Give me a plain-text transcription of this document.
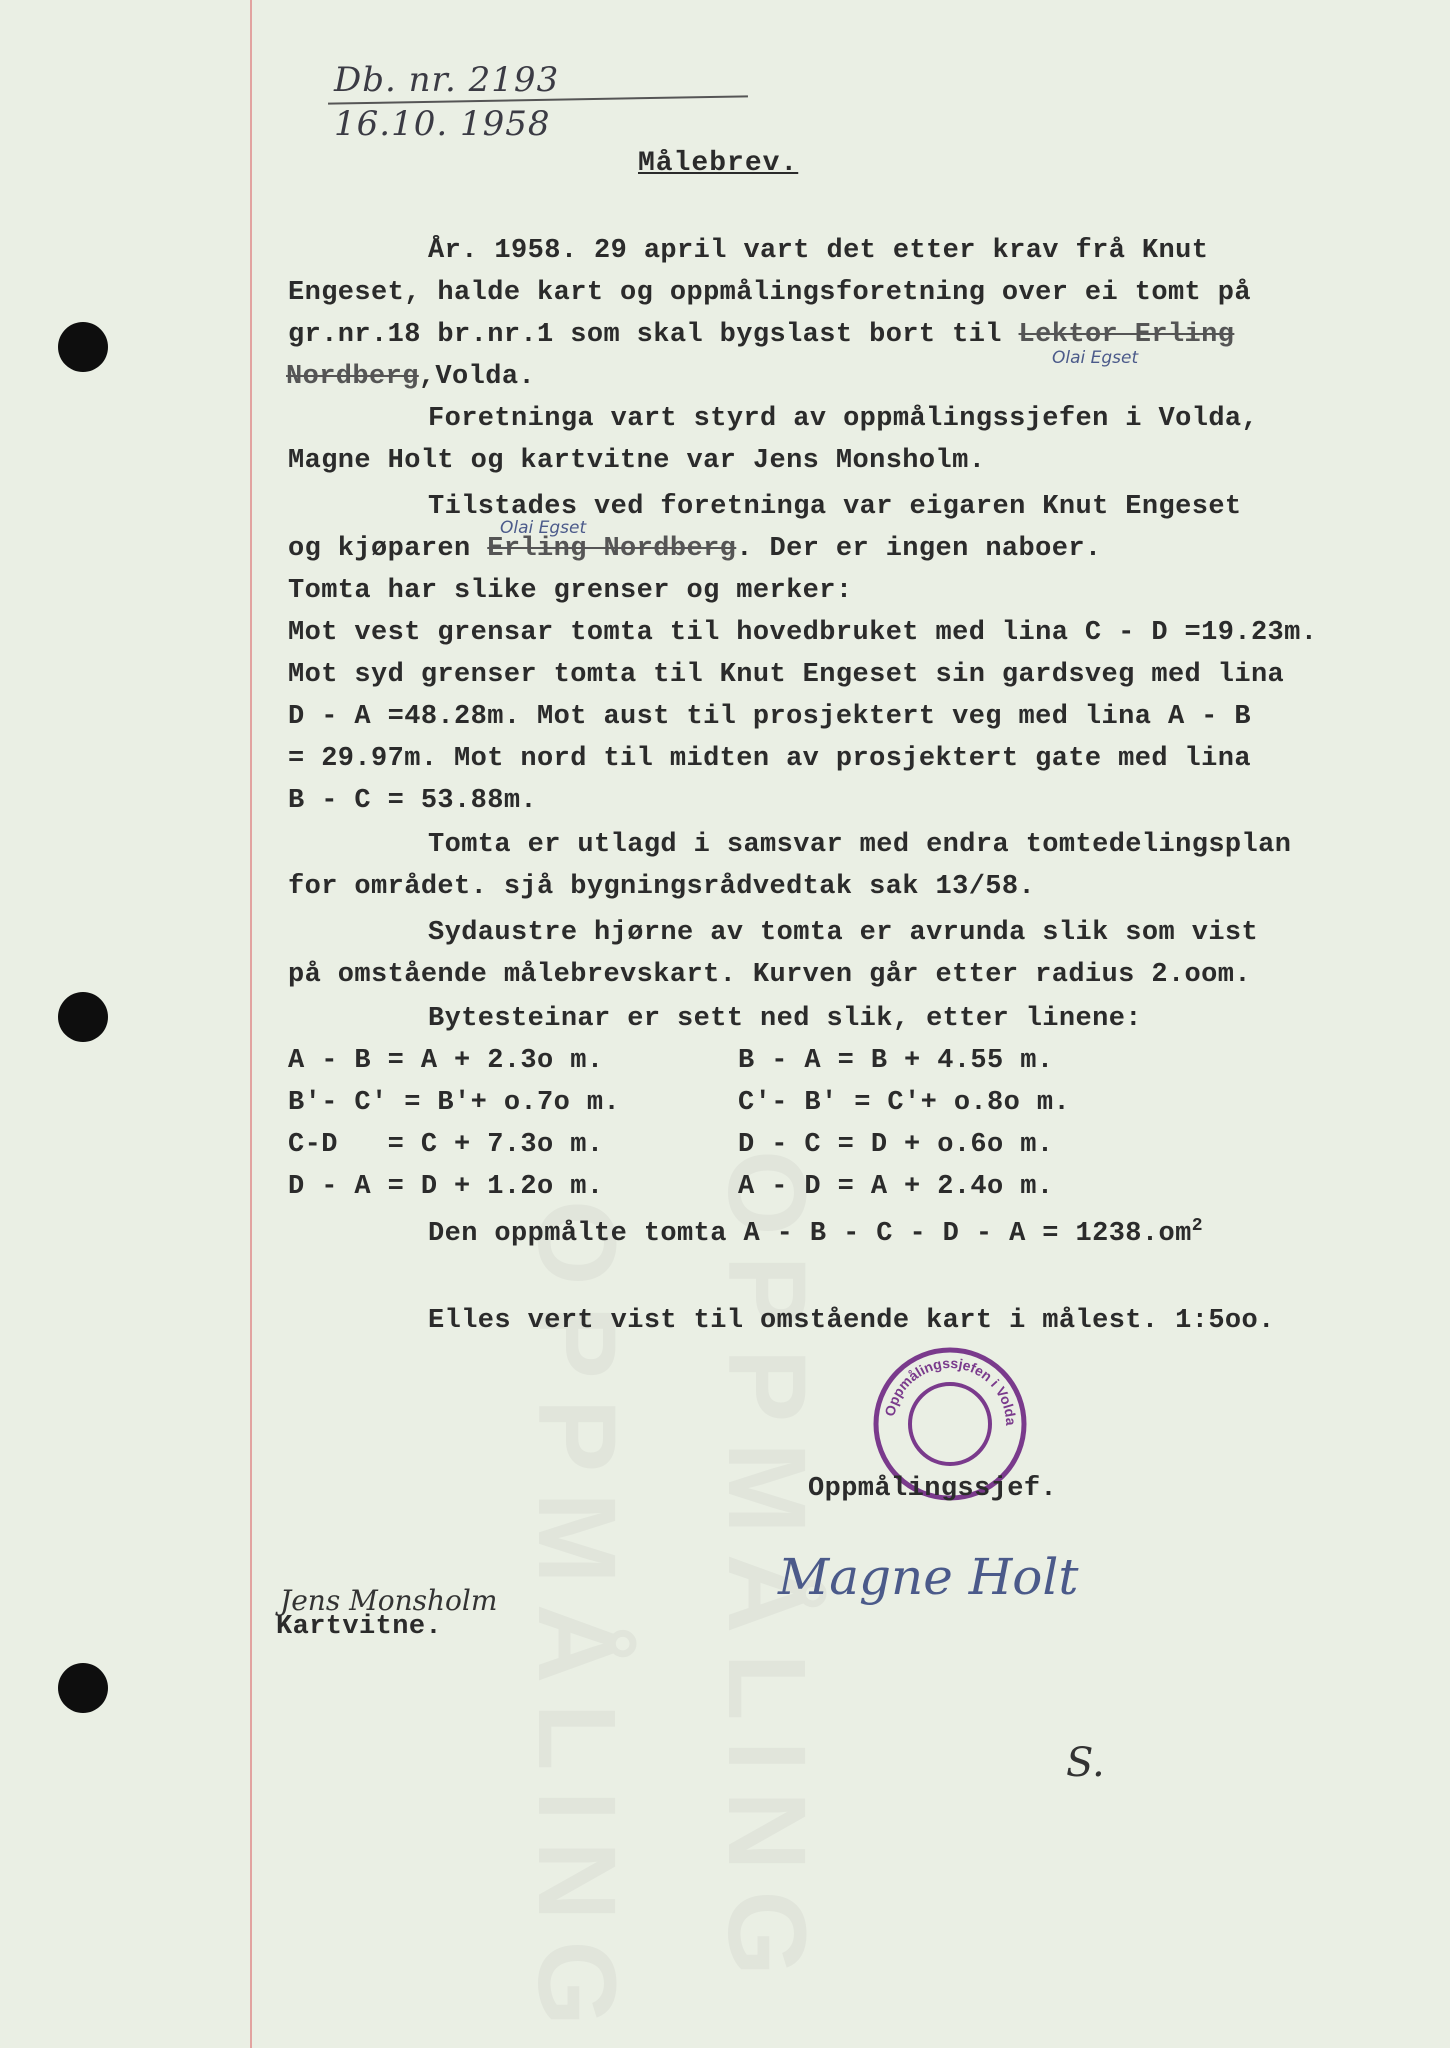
OPPMÅLING OPPMÅLING
Db. nr. 2193
16.10. 1958
Målebrev.
År. 1958. 29 april vart det etter krav frå Knut
Engeset, halde kart og oppmålingsforetning over ei tomt på
gr.nr.18 br.nr.1 som skal bygslast bort til Lektor Erling
Olai Egset
Nordberg,Volda.
Foretninga vart styrd av oppmålingssjefen i Volda,
Magne Holt og kartvitne var Jens Monsholm.
Tilstades ved foretninga var eigaren Knut Engeset
Olai Egset
og kjøparen Erling Nordberg. Der er ingen naboer.
Tomta har slike grenser og merker:
Mot vest grensar tomta til hovedbruket med lina C - D =19.23m.
Mot syd grenser tomta til Knut Engeset sin gardsveg med lina
D - A =48.28m. Mot aust til prosjektert veg med lina A - B
= 29.97m. Mot nord til midten av prosjektert gate med lina
B - C = 53.88m.
Tomta er utlagd i samsvar med endra tomtedelingsplan
for området. sjå bygningsrådvedtak sak 13/58.
Sydaustre hjørne av tomta er avrunda slik som vist
på omstående målebrevskart. Kurven går etter radius 2.oom.
Bytesteinar er sett ned slik, etter linene:
A - B = A + 2.3o m.	B - A = B + 4.55 m.
B'- C' = B'+ o.7o m.	C'- B' = C'+ o.8o m.
C-D   = C + 7.3o m.	D - C = D + o.6o m.
D - A = D + 1.2o m.	A - D = A + 2.4o m.
Den oppmålte tomta $A - B - C - D - A = 1238.om^2$
Elles vert vist til omstående kart i målest. 1:5oo.
Oppmålingssjefen i Volda
Oppmålingssjef.
Magne Holt
Jens Monsholm
Kartvitne.
S.
